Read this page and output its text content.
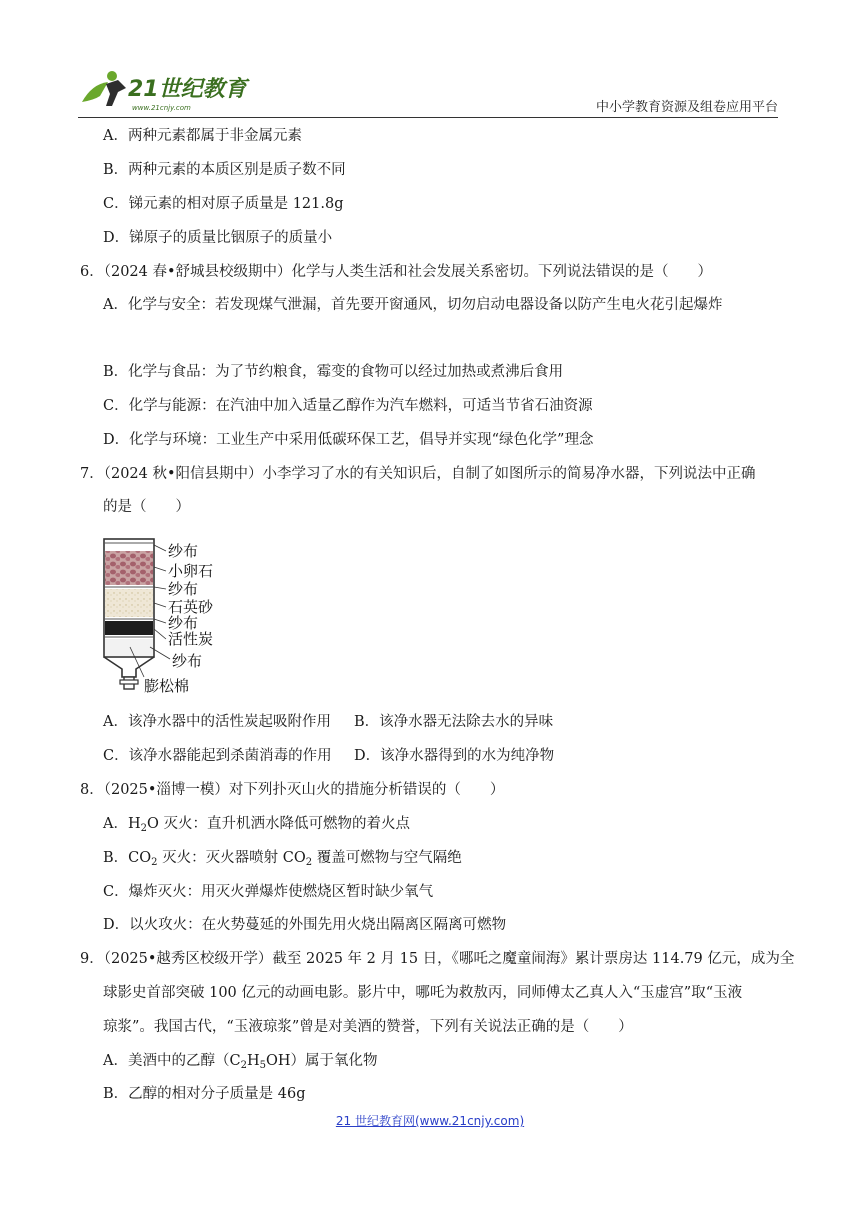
21世纪教育
www.21cnjy.com	中小学教育资源及组卷应用平台
A．两种元素都属于非金属元素
B．两种元素的本质区别是质子数不同
C．锑元素的相对原子质量是 121.8g
D．锑原子的质量比铟原子的质量小
6．（2024 春•舒城县校级期中）化学与人类生活和社会发展关系密切。下列说法错误的是（　　）
A．化学与安全：若发现煤气泄漏，首先要开窗通风，切勿启动电器设备以防产生电火花引起爆炸
B．化学与食品：为了节约粮食，霉变的食物可以经过加热或煮沸后食用
C．化学与能源：在汽油中加入适量乙醇作为汽车燃料，可适当节省石油资源
D．化学与环境：工业生产中采用低碳环保工艺，倡导并实现“绿色化学”理念
7．（2024 秋•阳信县期中）小李学习了水的有关知识后，自制了如图所示的简易净水器，下列说法中正确
的是（　　）
纱布
小卵石
纱布
石英砂
纱布
活性炭
纱布
膨松棉
A．该净水器中的活性炭起吸附作用 B．该净水器无法除去水的异味
C．该净水器能起到杀菌消毒的作用 D．该净水器得到的水为纯净物
8．（2025•淄博一模）对下列扑灭山火的措施分析错误的（　　）
A．$H_2O$ 灭火：直升机洒水降低可燃物的着火点
B．$CO_2$ 灭火：灭火器喷射 $CO_2$ 覆盖可燃物与空气隔绝
C．爆炸灭火：用灭火弹爆炸使燃烧区暂时缺少氧气
D．以火攻火：在火势蔓延的外围先用火烧出隔离区隔离可燃物
9．（2025•越秀区校级开学）截至 2025 年 2 月 15 日，《哪吒之魔童闹海》累计票房达 114.79 亿元，成为全
球影史首部突破 100 亿元的动画电影。影片中，哪吒为救敖丙，同师傅太乙真人入“玉虚宫”取“玉液
琼浆”。我国古代，“玉液琼浆”曾是对美酒的赞誉，下列有关说法正确的是（　　）
A．美酒中的乙醇$(C_2H_5OH)$属于氧化物
B．乙醇的相对分子质量是 46g
21 世纪教育网(www.21cnjy.com)
